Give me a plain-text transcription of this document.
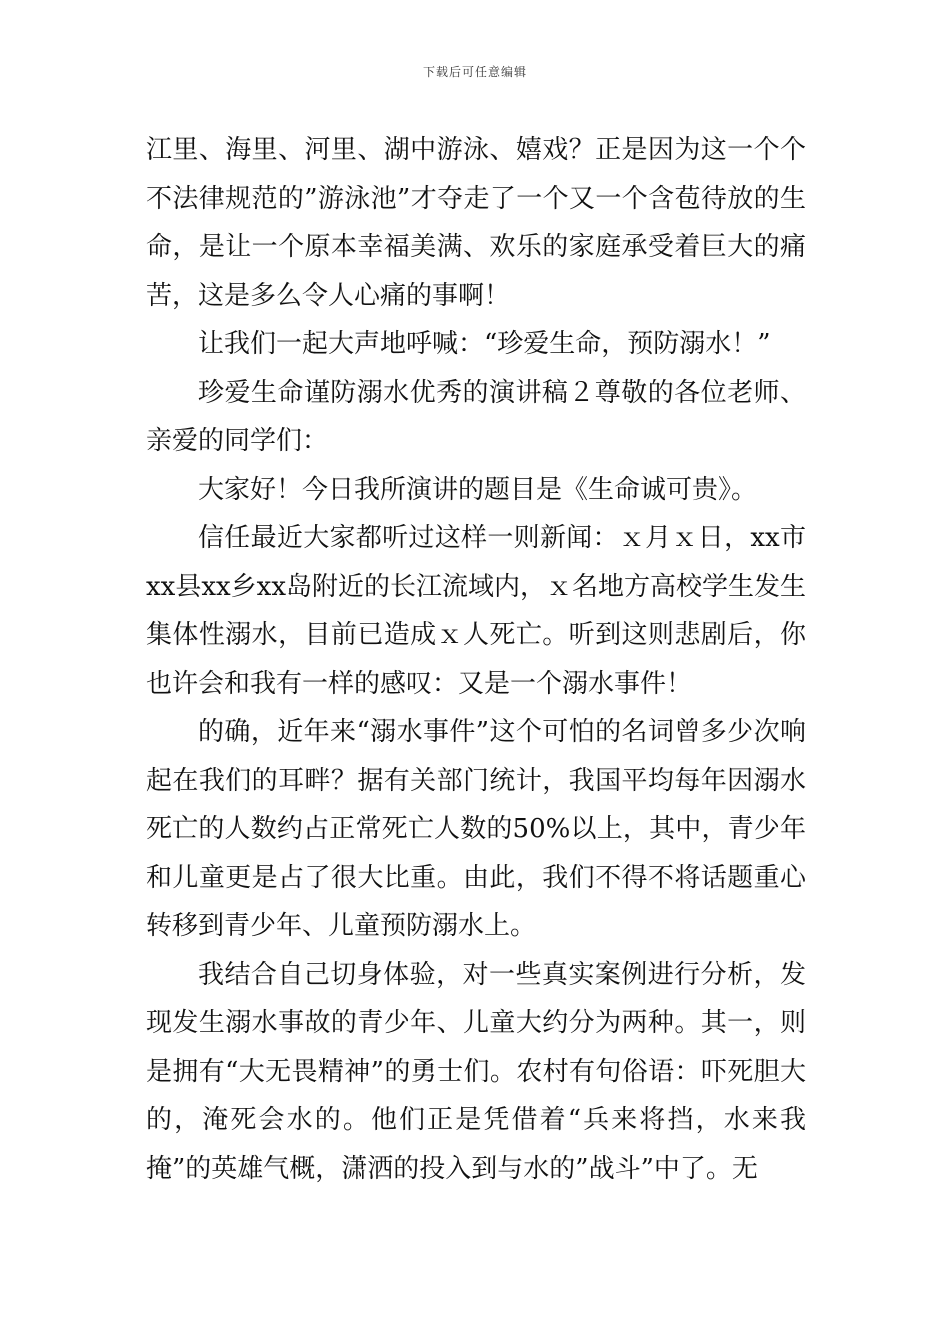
下载后可任意编辑

江里、海里、河里、湖中游泳、嬉戏？正是因为这一个个不法律规范的”游泳池”才夺走了一个又一个含苞待放的生命，是让一个原本幸福美满、欢乐的家庭承受着巨大的痛苦，这是多么令人心痛的事啊！

让我们一起大声地呼喊：“珍爱生命，预防溺水！”

珍爱生命谨防溺水优秀的演讲稿２尊敬的各位老师、亲爱的同学们：

大家好！今日我所演讲的题目是《生命诚可贵》。

信任最近大家都听过这样一则新闻：ｘ月ｘ日，xx市xx县xx乡xx岛附近的长江流域内，ｘ名地方高校学生发生集体性溺水，目前已造成ｘ人死亡。听到这则悲剧后，你也许会和我有一样的感叹：又是一个溺水事件！

的确，近年来“溺水事件”这个可怕的名词曾多少次响起在我们的耳畔？据有关部门统计，我国平均每年因溺水死亡的人数约占正常死亡人数的50%以上，其中，青少年和儿童更是占了很大比重。由此，我们不得不将话题重心转移到青少年、儿童预防溺水上。

我结合自己切身体验，对一些真实案例进行分析，发现发生溺水事故的青少年、儿童大约分为两种。其一，则是拥有“大无畏精神”的勇士们。农村有句俗语：吓死胆大的，淹死会水的。他们正是凭借着“兵来将挡，水来我掩”的英雄气概，潇洒的投入到与水的”战斗”中了。无
